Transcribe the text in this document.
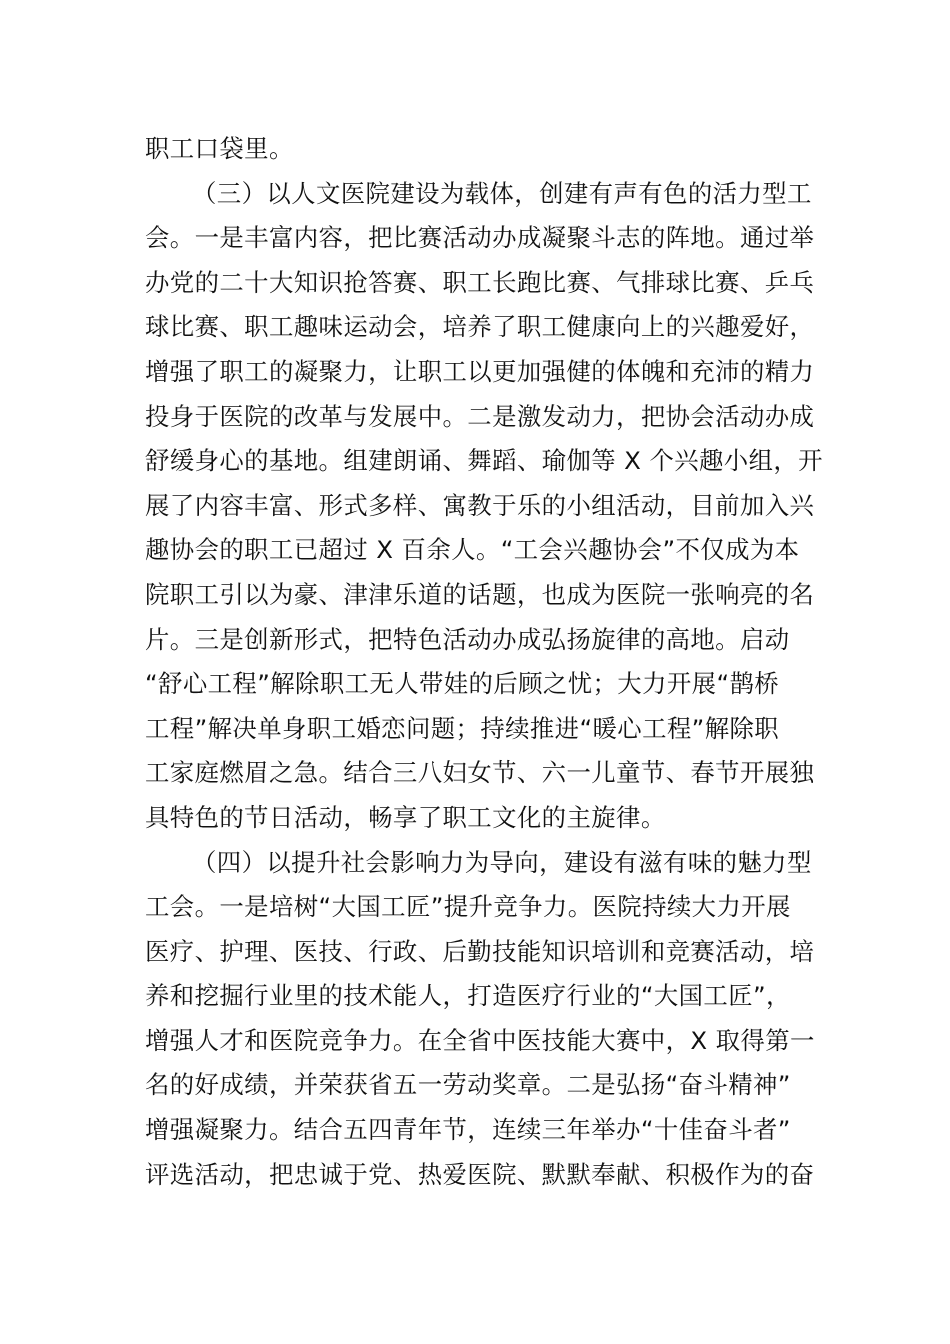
职工口袋里。
（三）以人文医院建设为载体，创建有声有色的活力型工
会。一是丰富内容，把比赛活动办成凝聚斗志的阵地。通过举
办党的二十大知识抢答赛、职工长跑比赛、气排球比赛、乒乓
球比赛、职工趣味运动会，培养了职工健康向上的兴趣爱好，
增强了职工的凝聚力，让职工以更加强健的体魄和充沛的精力
投身于医院的改革与发展中。二是激发动力，把协会活动办成
舒缓身心的基地。组建朗诵、舞蹈、瑜伽等 X 个兴趣小组，开
展了内容丰富、形式多样、寓教于乐的小组活动，目前加入兴
趣协会的职工已超过 X 百余人。“工会兴趣协会”不仅成为本
院职工引以为豪、津津乐道的话题，也成为医院一张响亮的名
片。三是创新形式，把特色活动办成弘扬旋律的高地。启动
“舒心工程”解除职工无人带娃的后顾之忧；大力开展“鹊桥
工程”解决单身职工婚恋问题；持续推进“暖心工程”解除职
工家庭燃眉之急。结合三八妇女节、六一儿童节、春节开展独
具特色的节日活动，畅享了职工文化的主旋律。
（四）以提升社会影响力为导向，建设有滋有味的魅力型
工会。一是培树“大国工匠”提升竞争力。医院持续大力开展
医疗、护理、医技、行政、后勤技能知识培训和竞赛活动，培
养和挖掘行业里的技术能人，打造医疗行业的“大国工匠”，
增强人才和医院竞争力。在全省中医技能大赛中，X 取得第一
名的好成绩，并荣获省五一劳动奖章。二是弘扬“奋斗精神”
增强凝聚力。结合五四青年节，连续三年举办“十佳奋斗者”
评选活动，把忠诚于党、热爱医院、默默奉献、积极作为的奋
